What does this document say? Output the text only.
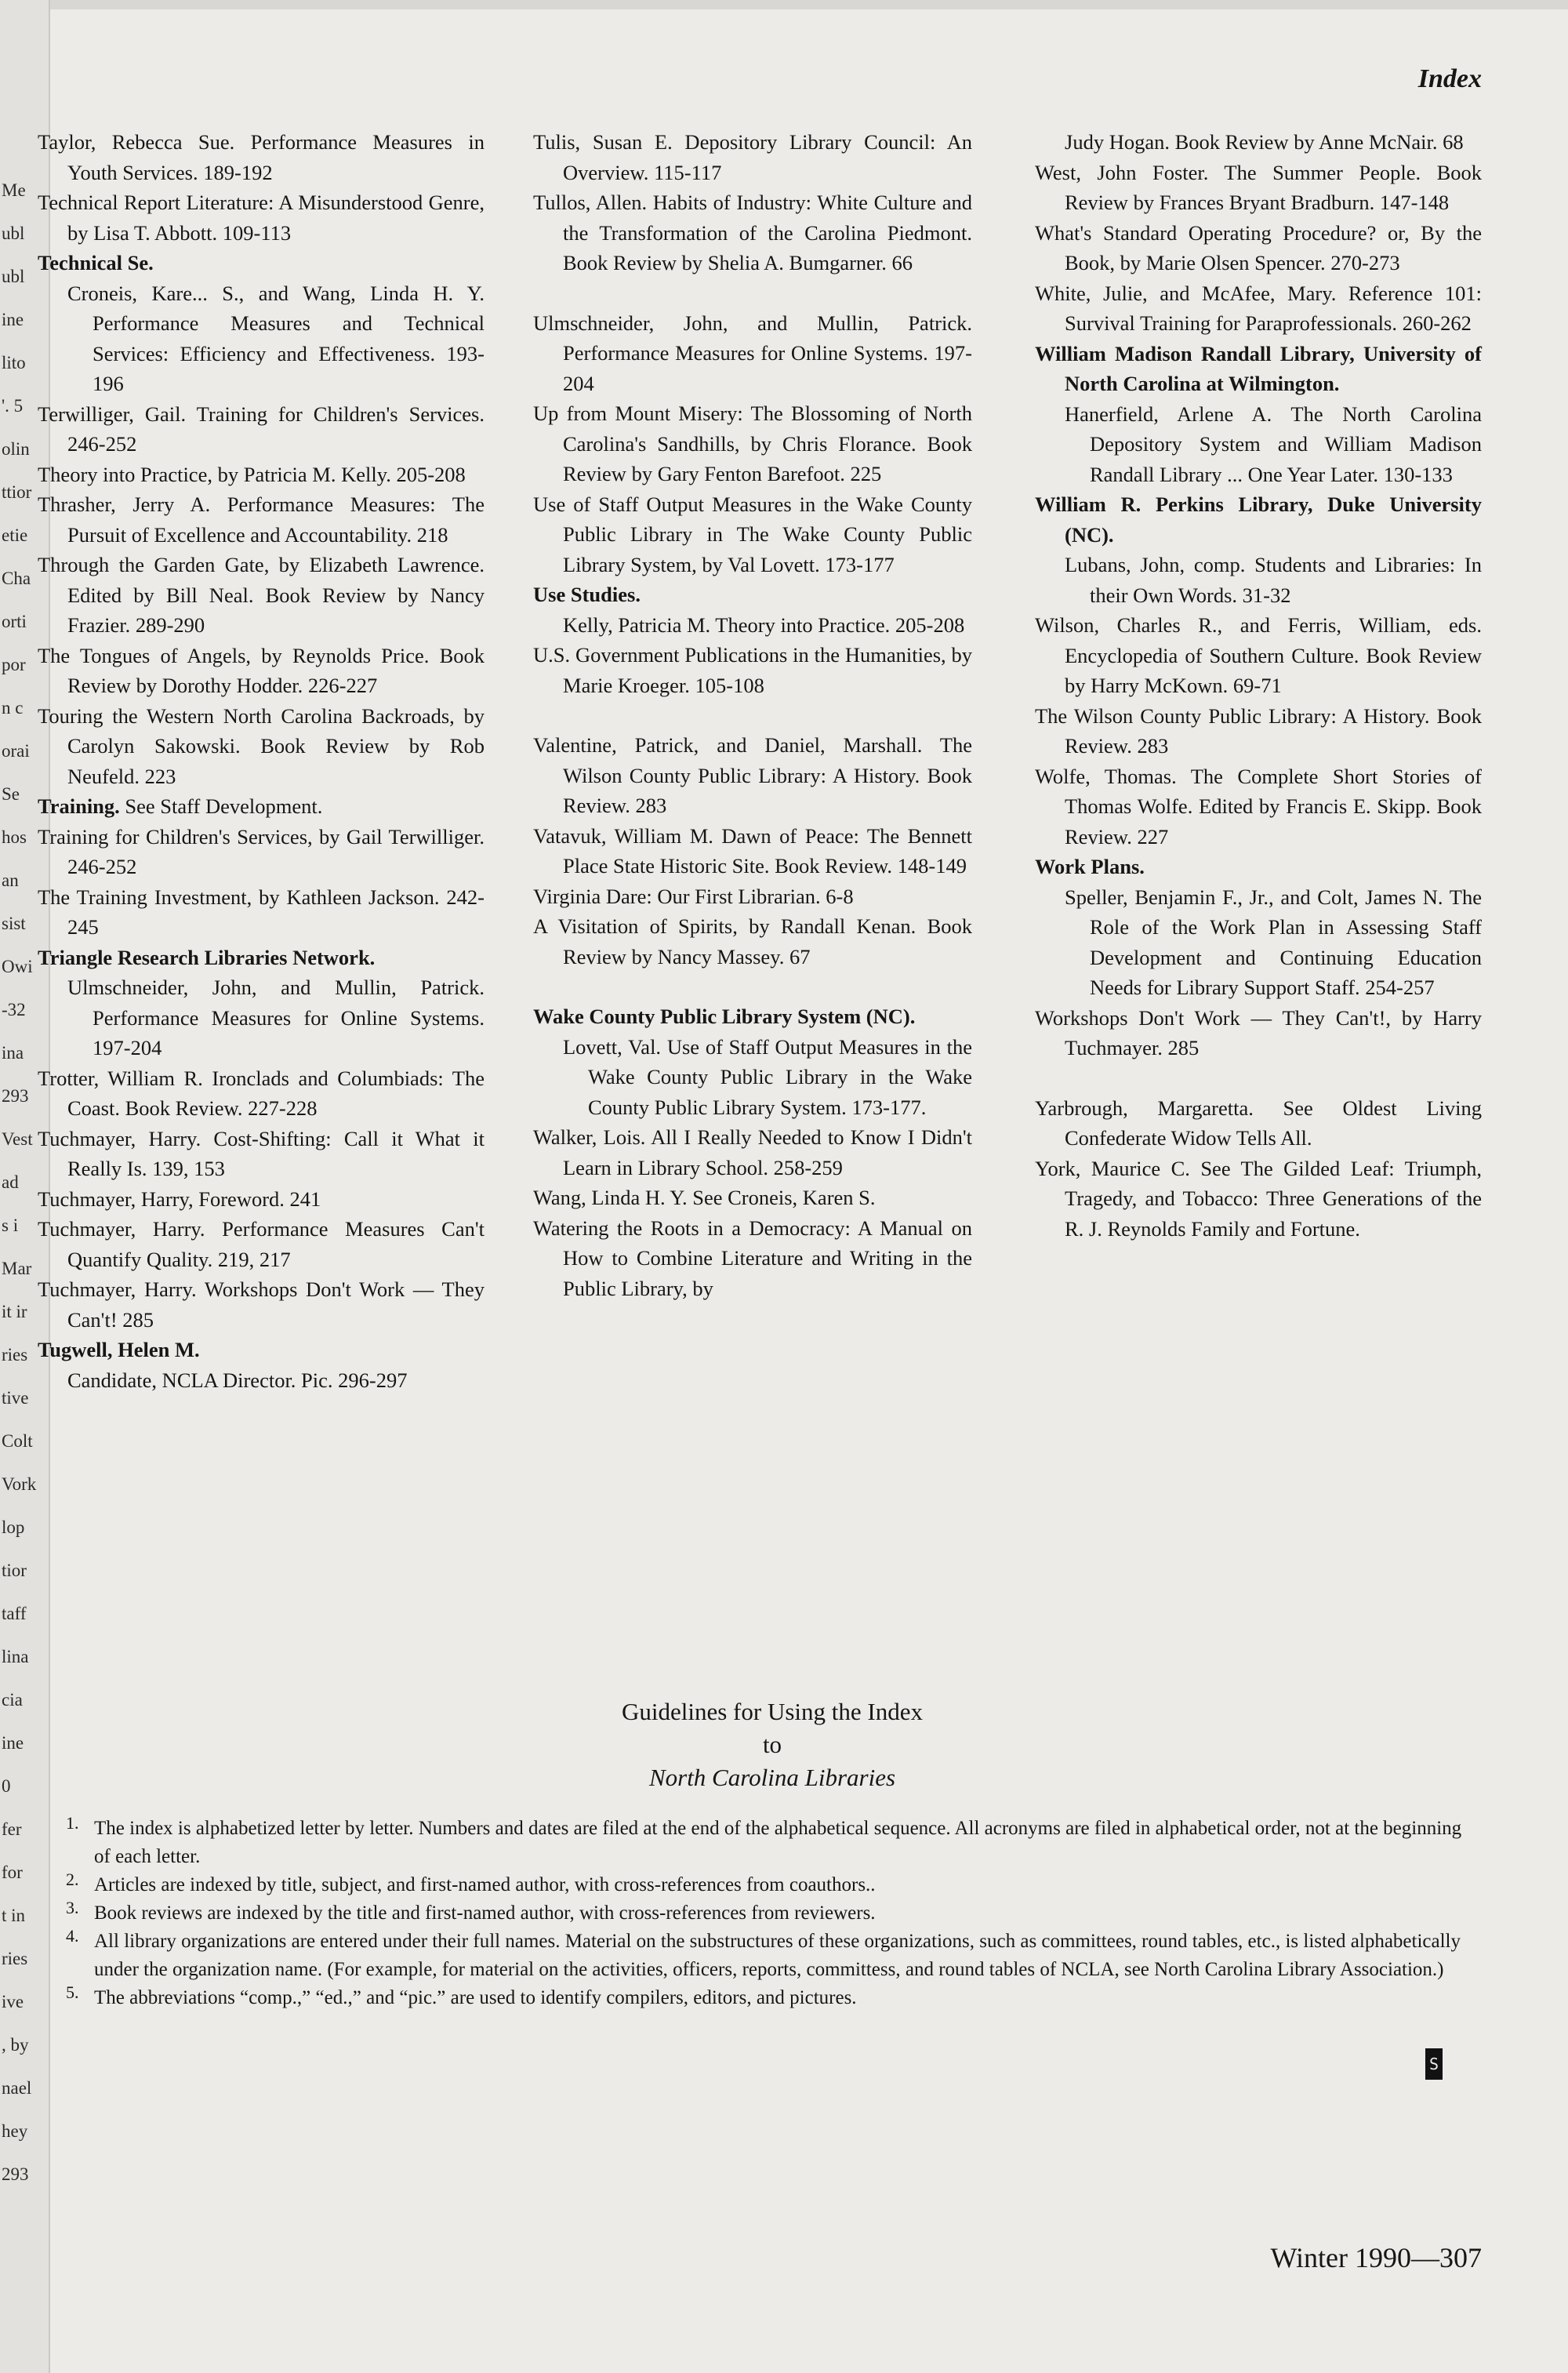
Me
ubl
ubl
ine
lito
'. 5
olin
ttior
etie
Cha
orti
por
n c
orai
Se
hos
an
sist
Owi
-32
ina
293
Vest
ad
s i
Mar
it ir
ries
tive
Colt
Vork
lop
tior
taff
lina
cia
ine
0
fer
for
t in
ries
ive
, by
nael
hey
293
Index

Taylor, Rebecca Sue. Performance Measures in Youth Services. 189-192

Technical Report Literature: A Misunderstood Genre, by Lisa T. Abbott. 109-113

Technical Se.

Croneis, Kare... S., and Wang, Linda H. Y. Performance Measures and Technical Services: Efficiency and Effectiveness. 193-196

Terwilliger, Gail. Training for Children's Services. 246-252

Theory into Practice, by Patricia M. Kelly. 205-208

Thrasher, Jerry A. Performance Measures: The Pursuit of Excellence and Accountability. 218

Through the Garden Gate, by Elizabeth Lawrence. Edited by Bill Neal. Book Review by Nancy Frazier. 289-290

The Tongues of Angels, by Reynolds Price. Book Review by Dorothy Hodder. 226-227

Touring the Western North Carolina Backroads, by Carolyn Sakowski. Book Review by Rob Neufeld. 223

Training. See Staff Development.

Training for Children's Services, by Gail Terwilliger. 246-252

The Training Investment, by Kathleen Jackson. 242-245

Triangle Research Libraries Network.

Ulmschneider, John, and Mullin, Patrick. Performance Measures for Online Systems. 197-204

Trotter, William R. Ironclads and Columbiads: The Coast. Book Review. 227-228

Tuchmayer, Harry. Cost-Shifting: Call it What it Really Is. 139, 153

Tuchmayer, Harry, Foreword. 241

Tuchmayer, Harry. Performance Measures Can't Quantify Quality. 219, 217

Tuchmayer, Harry. Workshops Don't Work — They Can't! 285

Tugwell, Helen M.

Candidate, NCLA Director. Pic. 296-297

Tulis, Susan E. Depository Library Council: An Overview. 115-117

Tullos, Allen. Habits of Industry: White Culture and the Transformation of the Carolina Piedmont. Book Review by Shelia A. Bumgarner. 66

Ulmschneider, John, and Mullin, Patrick. Performance Measures for Online Systems. 197-204

Up from Mount Misery: The Blossoming of North Carolina's Sandhills, by Chris Florance. Book Review by Gary Fenton Barefoot. 225

Use of Staff Output Measures in the Wake County Public Library in The Wake County Public Library System, by Val Lovett. 173-177

Use Studies.

Kelly, Patricia M. Theory into Practice. 205-208

U.S. Government Publications in the Humanities, by Marie Kroeger. 105-108

Valentine, Patrick, and Daniel, Marshall. The Wilson County Public Library: A History. Book Review. 283

Vatavuk, William M. Dawn of Peace: The Bennett Place State Historic Site. Book Review. 148-149

Virginia Dare: Our First Librarian. 6-8

A Visitation of Spirits, by Randall Kenan. Book Review by Nancy Massey. 67

Wake County Public Library System (NC).

Lovett, Val. Use of Staff Output Measures in the Wake County Public Library in the Wake County Public Library System. 173-177.

Walker, Lois. All I Really Needed to Know I Didn't Learn in Library School. 258-259

Wang, Linda H. Y. See Croneis, Karen S.

Watering the Roots in a Democracy: A Manual on How to Combine Literature and Writing in the Public Library, by

Judy Hogan. Book Review by Anne McNair. 68

West, John Foster. The Summer People. Book Review by Frances Bryant Bradburn. 147-148

What's Standard Operating Procedure? or, By the Book, by Marie Olsen Spencer. 270-273

White, Julie, and McAfee, Mary. Reference 101: Survival Training for Paraprofessionals. 260-262

William Madison Randall Library, University of North Carolina at Wilmington.

Hanerfield, Arlene A. The North Carolina Depository System and William Madison Randall Library ... One Year Later. 130-133

William R. Perkins Library, Duke University (NC).

Lubans, John, comp. Students and Libraries: In their Own Words. 31-32

Wilson, Charles R., and Ferris, William, eds. Encyclopedia of Southern Culture. Book Review by Harry McKown. 69-71

The Wilson County Public Library: A History. Book Review. 283

Wolfe, Thomas. The Complete Short Stories of Thomas Wolfe. Edited by Francis E. Skipp. Book Review. 227

Work Plans.

Speller, Benjamin F., Jr., and Colt, James N. The Role of the Work Plan in Assessing Staff Development and Continuing Education Needs for Library Support Staff. 254-257

Workshops Don't Work — They Can't!, by Harry Tuchmayer. 285

Yarbrough, Margaretta. See Oldest Living Confederate Widow Tells All.

York, Maurice C. See The Gilded Leaf: Triumph, Tragedy, and Tobacco: Three Generations of the R. J. Reynolds Family and Fortune.

Guidelines for Using the Index

to

North Carolina Libraries

1. The index is alphabetized letter by letter. Numbers and dates are filed at the end of the alphabetical sequence. All acronyms are filed in alphabetical order, not at the beginning of each letter.
2. Articles are indexed by title, subject, and first-named author, with cross-references from coauthors..
3. Book reviews are indexed by the title and first-named author, with cross-references from reviewers.
4. All library organizations are entered under their full names. Material on the substructures of these organizations, such as committees, round tables, etc., is listed alphabetically under the organization name. (For example, for material on the activities, officers, reports, committess, and round tables of NCLA, see North Carolina Library Association.)
5. The abbreviations “comp.,” “ed.,” and “pic.” are used to identify compilers, editors, and pictures.
S
Winter 1990—307
